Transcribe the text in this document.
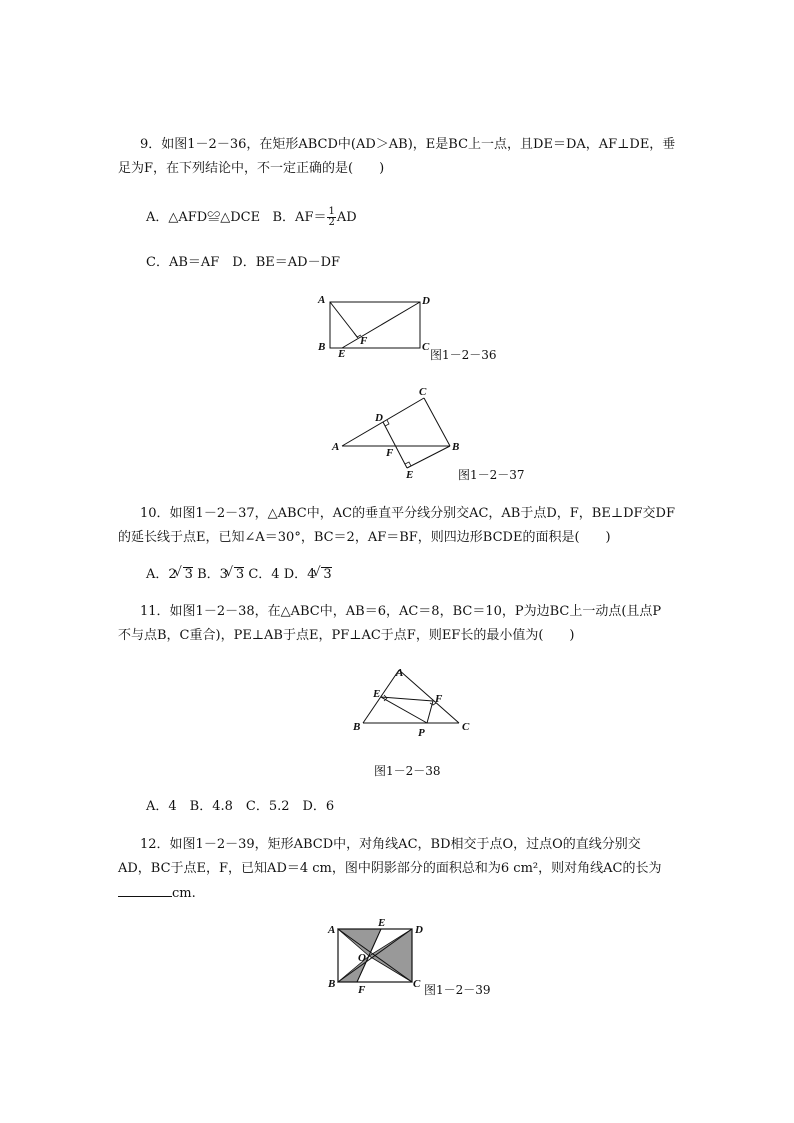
9．如图1－2－36，在矩形ABCD中(AD＞AB)，E是BC上一点，且DE＝DA，AF⊥DE，垂
足为F，在下列结论中，不一定正确的是(　　)
A．△AFD≌△DCE B．$AF= \frac{1}{2}$ AD
C．AB＝AF　D．BE＝AD－DF
A	D
B	C
E
F
图1－2－36
A	B
C
D
E
F
图1－2－37
10．如图1－2－37，△ABC中，AC的垂直平分线分别交AC，AB于点D，F，BE⊥DF交DF
的延长线于点E，已知∠A＝30°，BC＝2，AF＝BF，则四边形BCDE的面积是(　　)
A．2 √ 3 B．3 √ 3 C．4 D．4 √ 3
11．如图1－2－38，在△ABC中，AB＝6，AC＝8，BC＝10，P为边BC上一动点(且点P
不与点B，C重合)，PE⊥AB于点E，PF⊥AC于点F，则EF长的最小值为(　　)
A
B	C
E	F
P
图1－2－38
A．4　B．4.8　C．5.2　D．6
12．如图1－2－39，矩形ABCD中，对角线AC，BD相交于点O，过点O的直线分别交
AD，BC于点E，F，已知AD＝4 cm，图中阴影部分的面积总和为6 cm²，则对角线AC的长为
cm.
A	D
B	C
E
F
O
图1－2－39
